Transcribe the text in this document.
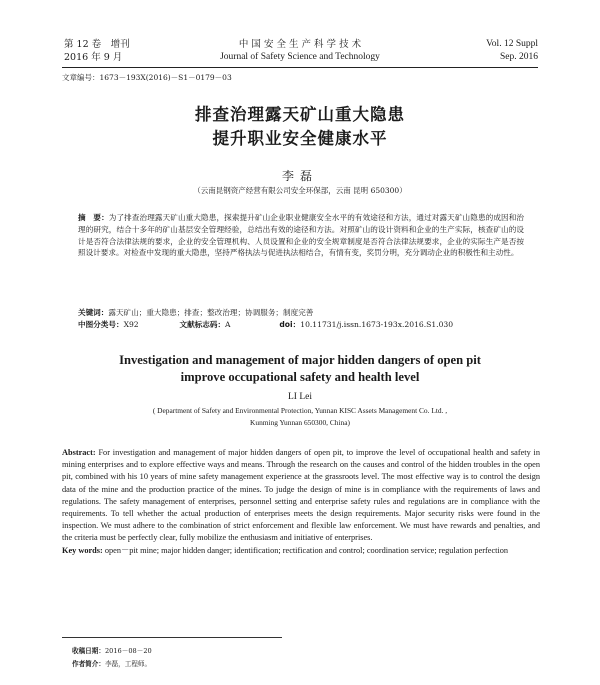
第 12 卷　增刊
2016 年 9 月
中 国 安 全 生 产 科 学 技 术
Journal of Safety Science and Technology
Vol. 12 Suppl
Sep. 2016
文章编号：1673－193X(2016)－S1－0179－03
排查治理露天矿山重大隐患
提升职业安全健康水平
李磊
（云南昆钢资产经营有限公司安全环保部，云南 昆明 650300）
摘　要：为了排查治理露天矿山重大隐患，探索提升矿山企业职业健康安全水平的有效途径和方法，通过对露天矿山隐患的成因和治理的研究，结合十多年的矿山基层安全管理经验，总结出有效的途径和方法。对照矿山的设计资料和企业的生产实际，核查矿山的设计是否符合法律法规的要求，企业的安全管理机构、人员设置和企业的安全规章制度是否符合法律法规要求，企业的实际生产是否按照设计要求。对检查中发现的重大隐患，坚持严格执法与促进执法相结合，有情有变，奖罚分明，充分调动企业的积极性和主动性。
关键词：露天矿山；重大隐患；排查；整改治理；协调服务；制度完善
中图分类号：X92	文献标志码：A	doi：10.11731/j.issn.1673-193x.2016.S1.030
Investigation and management of major hidden dangers of open pit
improve occupational safety and health level
LI Lei
( Department of Safety and Environmental Protection, Yunnan KISC Assets Management Co. Ltd. ,
Kunming Yunnan 650300, China)
Abstract: For investigation and management of major hidden dangers of open pit, to improve the level of occupational health and safety in mining enterprises and to explore effective ways and means. Through the research on the causes and control of the hidden troubles in the open pit, combined with his 10 years of mine safety management experience at the grassroots level. The most effective way is to control the design data of the mine and the production practice of the mines. To judge the design of mine is in compliance with the requirements of laws and regulations. The safety management of enterprises, personnel setting and enterprise safety rules and regulations are in compliance with the requirements. To tell whether the actual production of enterprises meets the design requirements. Major security risks were found in the inspection. We must adhere to the combination of strict enforcement and flexible law enforcement. We must have rewards and penalties, and the criteria must be perfectly clear, fully mobilize the enthusiasm and initiative of enterprises.
Key words: open－pit mine; major hidden danger; identification; rectification and control; coordination service; regulation perfection
收稿日期：2016－08－20
作者简介：李磊，工程师。
